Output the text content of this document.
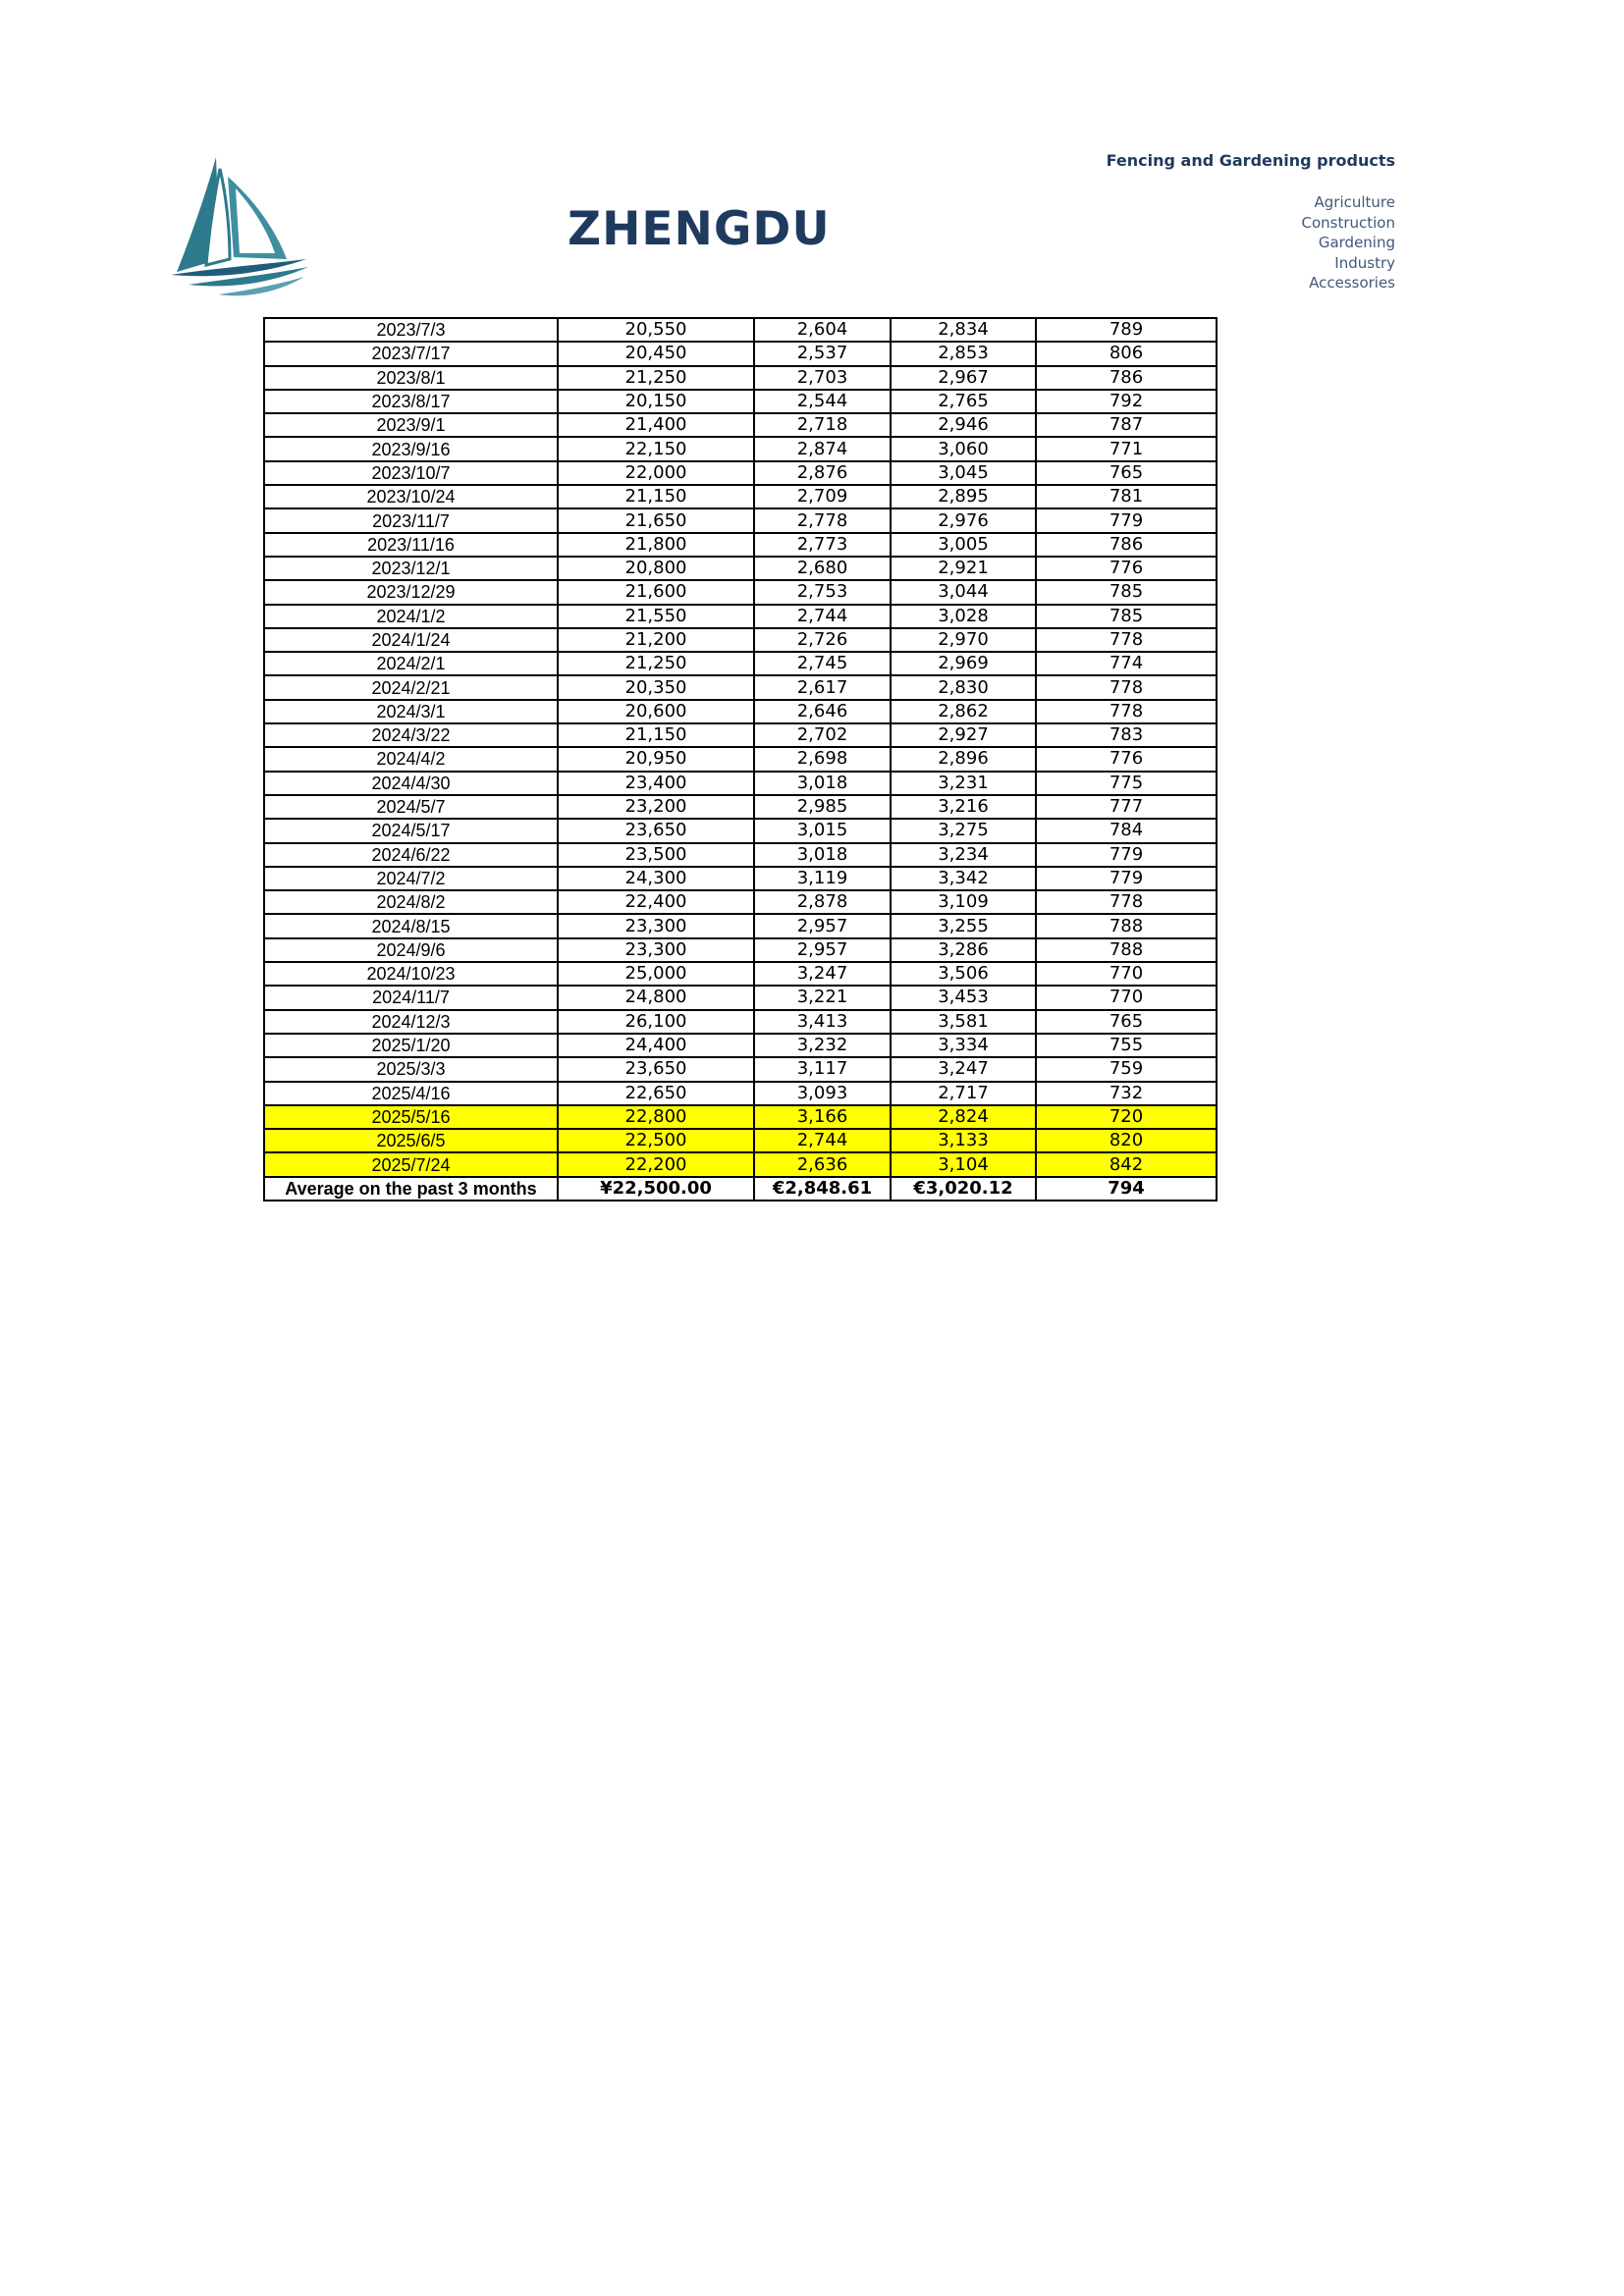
ZHENGDU
Fencing and Gardening products
Agriculture
Construction
Gardening
Industry
Accessories
2023/7/3	20,550	2,604	2,834	789
2023/7/17	20,450	2,537	2,853	806
2023/8/1	21,250	2,703	2,967	786
2023/8/17	20,150	2,544	2,765	792
2023/9/1	21,400	2,718	2,946	787
2023/9/16	22,150	2,874	3,060	771
2023/10/7	22,000	2,876	3,045	765
2023/10/24	21,150	2,709	2,895	781
2023/11/7	21,650	2,778	2,976	779
2023/11/16	21,800	2,773	3,005	786
2023/12/1	20,800	2,680	2,921	776
2023/12/29	21,600	2,753	3,044	785
2024/1/2	21,550	2,744	3,028	785
2024/1/24	21,200	2,726	2,970	778
2024/2/1	21,250	2,745	2,969	774
2024/2/21	20,350	2,617	2,830	778
2024/3/1	20,600	2,646	2,862	778
2024/3/22	21,150	2,702	2,927	783
2024/4/2	20,950	2,698	2,896	776
2024/4/30	23,400	3,018	3,231	775
2024/5/7	23,200	2,985	3,216	777
2024/5/17	23,650	3,015	3,275	784
2024/6/22	23,500	3,018	3,234	779
2024/7/2	24,300	3,119	3,342	779
2024/8/2	22,400	2,878	3,109	778
2024/8/15	23,300	2,957	3,255	788
2024/9/6	23,300	2,957	3,286	788
2024/10/23	25,000	3,247	3,506	770
2024/11/7	24,800	3,221	3,453	770
2024/12/3	26,100	3,413	3,581	765
2025/1/20	24,400	3,232	3,334	755
2025/3/3	23,650	3,117	3,247	759
2025/4/16	22,650	3,093	2,717	732
2025/5/16	22,800	3,166	2,824	720
2025/6/5	22,500	2,744	3,133	820
2025/7/24	22,200	2,636	3,104	842
Average on the past 3 months	¥22,500.00	€2,848.61	€3,020.12	794
